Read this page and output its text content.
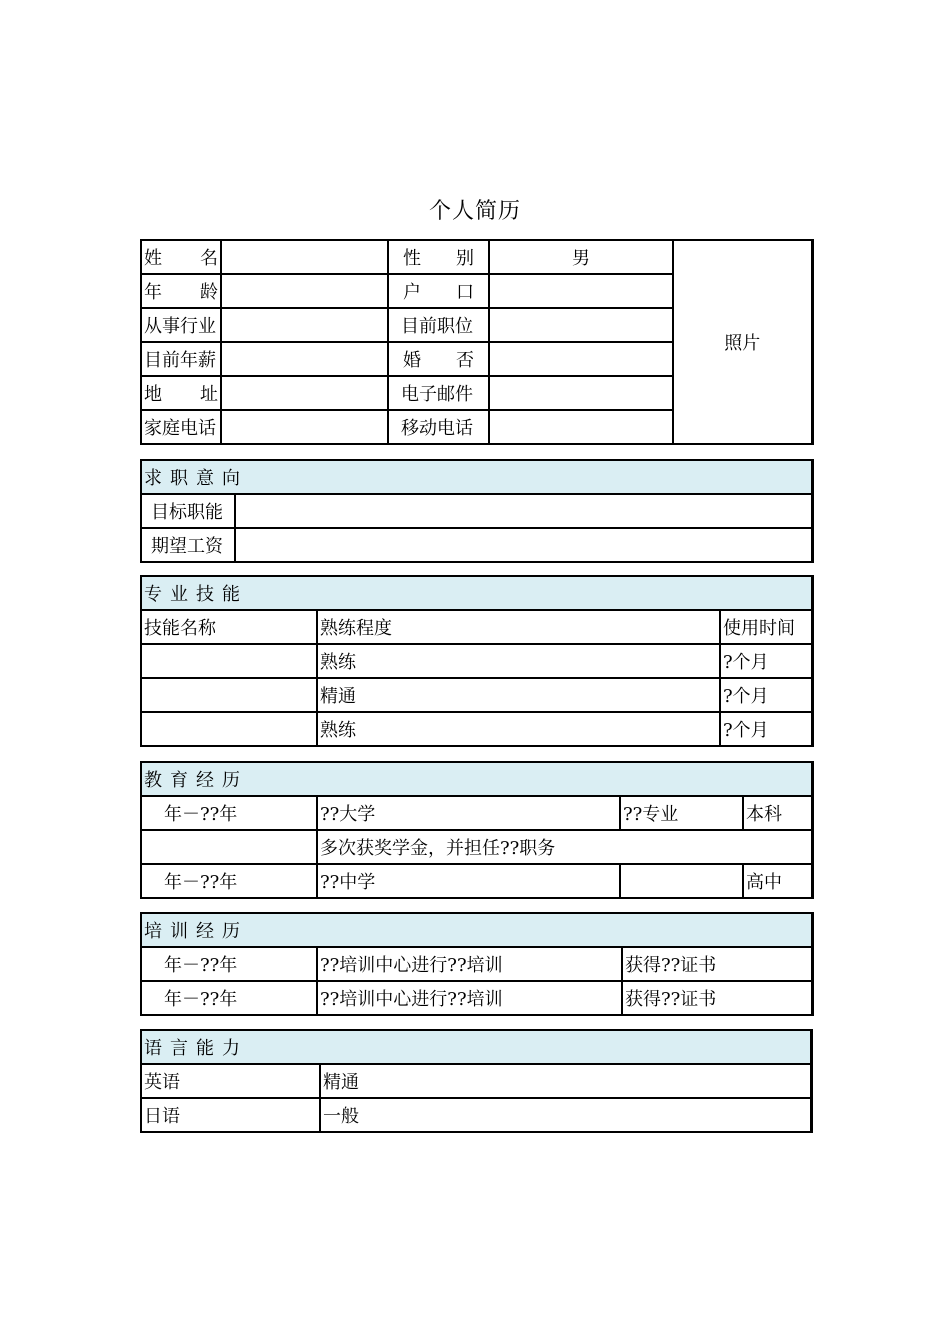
个人简历
姓 名		性 别	男	照片

年 龄		户 口		

从事行业		目前职位		
目前年薪		婚 否		

地 址		电子邮件		
家庭电话		移动电话		
求职意向	
目标职能	
期望工资	
专业技能		
技能名称	熟练程度	使用时间
	熟练	?个月
	精通	?个月
	熟练	?个月
教育经历			
年－??年	??大学	??专业	本科
	多次获奖学金，并担任??职务		
年－??年	??中学		高中
培训经历		
年－??年	??培训中心进行??培训	获得??证书
年－??年	??培训中心进行??培训	获得??证书
语言能力	
英语	精通
日语	一般
